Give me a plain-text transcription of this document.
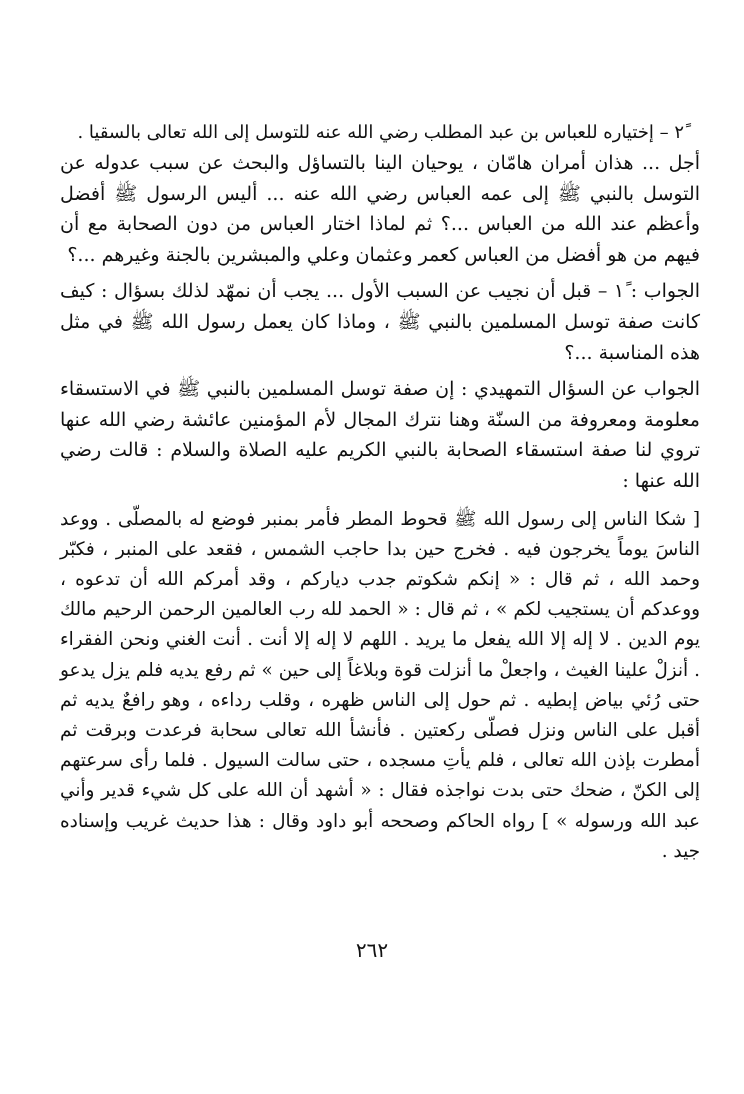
٢ً – إختياره للعباس بن عبد المطلب رضي الله عنه للتوسل إلى الله تعالى بالسقيا .

أجل ... هذان أمران هامّان ، يوحيان الينا بالتساؤل والبحث عن سبب عدوله عن التوسل بالنبي ﷺ إلى عمه العباس رضي الله عنه ... أليس الرسول ﷺ أفضل وأعظم عند الله من العباس ...؟ ثم لماذا اختار العباس من دون الصحابة مع أن فيهم من هو أفضل من العباس كعمر وعثمان وعلي والمبشرين بالجنة وغيرهم ...؟

الجواب : ١ً – قبل أن نجيب عن السبب الأول ... يجب أن نمهّد لذلك بسؤال : كيف كانت صفة توسل المسلمين بالنبي ﷺ ، وماذا كان يعمل رسول الله ﷺ في مثل هذه المناسبة ...؟

الجواب عن السؤال التمهيدي : إن صفة توسل المسلمين بالنبي ﷺ في الاستسقاء معلومة ومعروفة من السنّة وهنا نترك المجال لأم المؤمنين عائشة رضي الله عنها تروي لنا صفة استسقاء الصحابة بالنبي الكريم عليه الصلاة والسلام : قالت رضي الله عنها :

[ شكا الناس إلى رسول الله ﷺ قحوط المطر فأمر بمنبر فوضع له بالمصلّى . ووعد الناسَ يوماً يخرجون فيه . فخرج حين بدا حاجب الشمس ، فقعد على المنبر ، فكبّر وحمد الله ، ثم قال : « إنكم شكوتم جدب دياركم ، وقد أمركم الله أن تدعوه ، ووعدكم أن يستجيب لكم » ، ثم قال : « الحمد لله رب العالمين الرحمن الرحيم مالك يوم الدين . لا إله إلا الله يفعل ما يريد . اللهم لا إله إلا أنت . أنت الغني ونحن الفقراء . أنزلْ علينا الغيث ، واجعلْ ما أنزلت قوة وبلاغاً إلى حين » ثم رفع يديه فلم يزل يدعو حتى رُئي بياض إبطيه . ثم حول إلى الناس ظهره ، وقلب رداءه ، وهو رافعٌ يديه ثم أقبل على الناس ونزل فصلّى ركعتين . فأنشأ الله تعالى سحابة فرعدت وبرقت ثم أمطرت بإذن الله تعالى ، فلم يأتِ مسجده ، حتى سالت السيول . فلما رأى سرعتهم إلى الكنّ ، ضحك حتى بدت نواجذه فقال : « أشهد أن الله على كل شيء قدير وأني عبد الله ورسوله » ] رواه الحاكم وصححه أبو داود وقال : هذا حديث غريب وإسناده جيد .

٢٦٢
